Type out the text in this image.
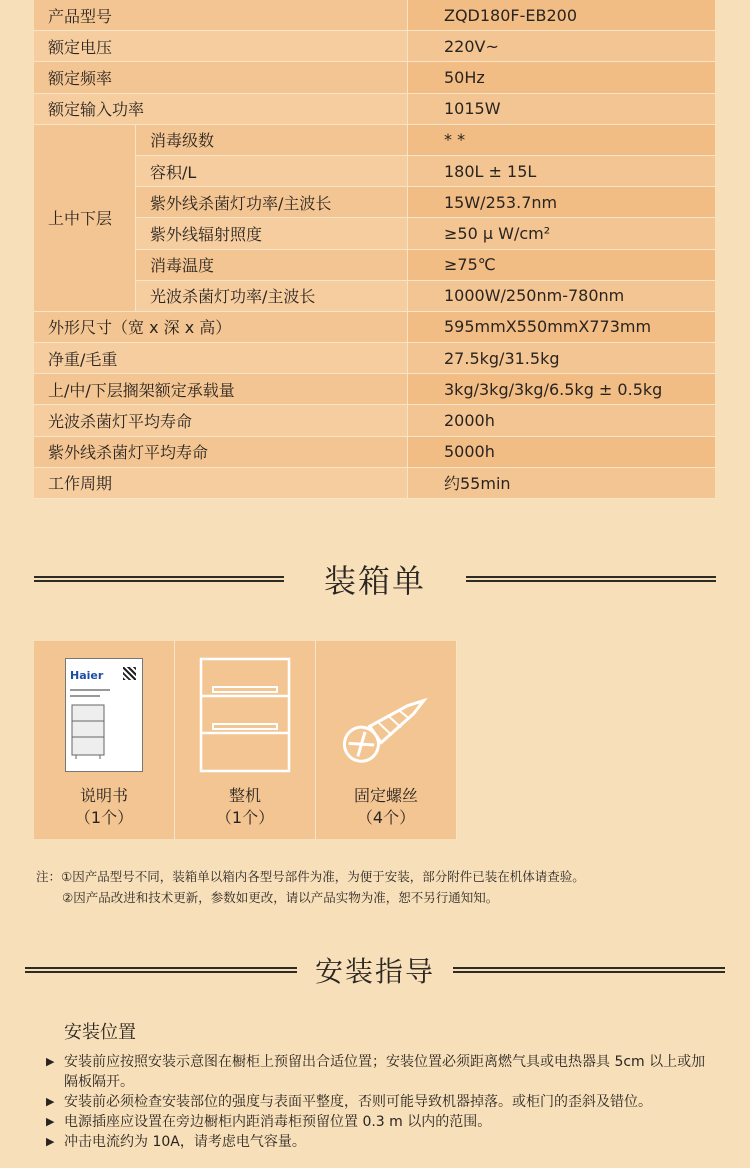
产品型号	ZQD180F-EB200
额定电压	220V~
额定频率	50Hz
额定输入功率	1015W
上中下层
消毒级数	* *
容积/L	180L ± 15L
紫外线杀菌灯功率/主波长	15W/253.7nm
紫外线辐射照度	≥50 μ W/cm²
消毒温度	≥75℃
光波杀菌灯功率/主波长	1000W/250nm-780nm
外形尺寸（宽 x 深 x 高）	595mmX550mmX773mm
净重/毛重	27.5kg/31.5kg
上/中/下层搁架额定承载量	3kg/3kg/3kg/6.5kg ± 0.5kg
光波杀菌灯平均寿命	2000h
紫外线杀菌灯平均寿命	5000h
工作周期	约55min
装箱单
Haier
说明书
（1个）
整机
（1个）
固定螺丝
（4个）
注：①因产品型号不同，装箱单以箱内各型号部件为准，为便于安装，部分附件已装在机体请查验。
②因产品改进和技术更新，参数如更改，请以产品实物为准，恕不另行通知知。
安装指导
安装位置
▶ 安装前应按照安装示意图在橱柜上预留出合适位置；安装位置必须距离燃气具或电热器具 5cm 以上或加隔板隔开。
▶ 安装前必须检查安装部位的强度与表面平整度，否则可能导致机器掉落。或柜门的歪斜及错位。
▶ 电源插座应设置在旁边橱柜内距消毒柜预留位置 0.3 m 以内的范围。
▶ 冲击电流约为 10A，请考虑电气容量。
